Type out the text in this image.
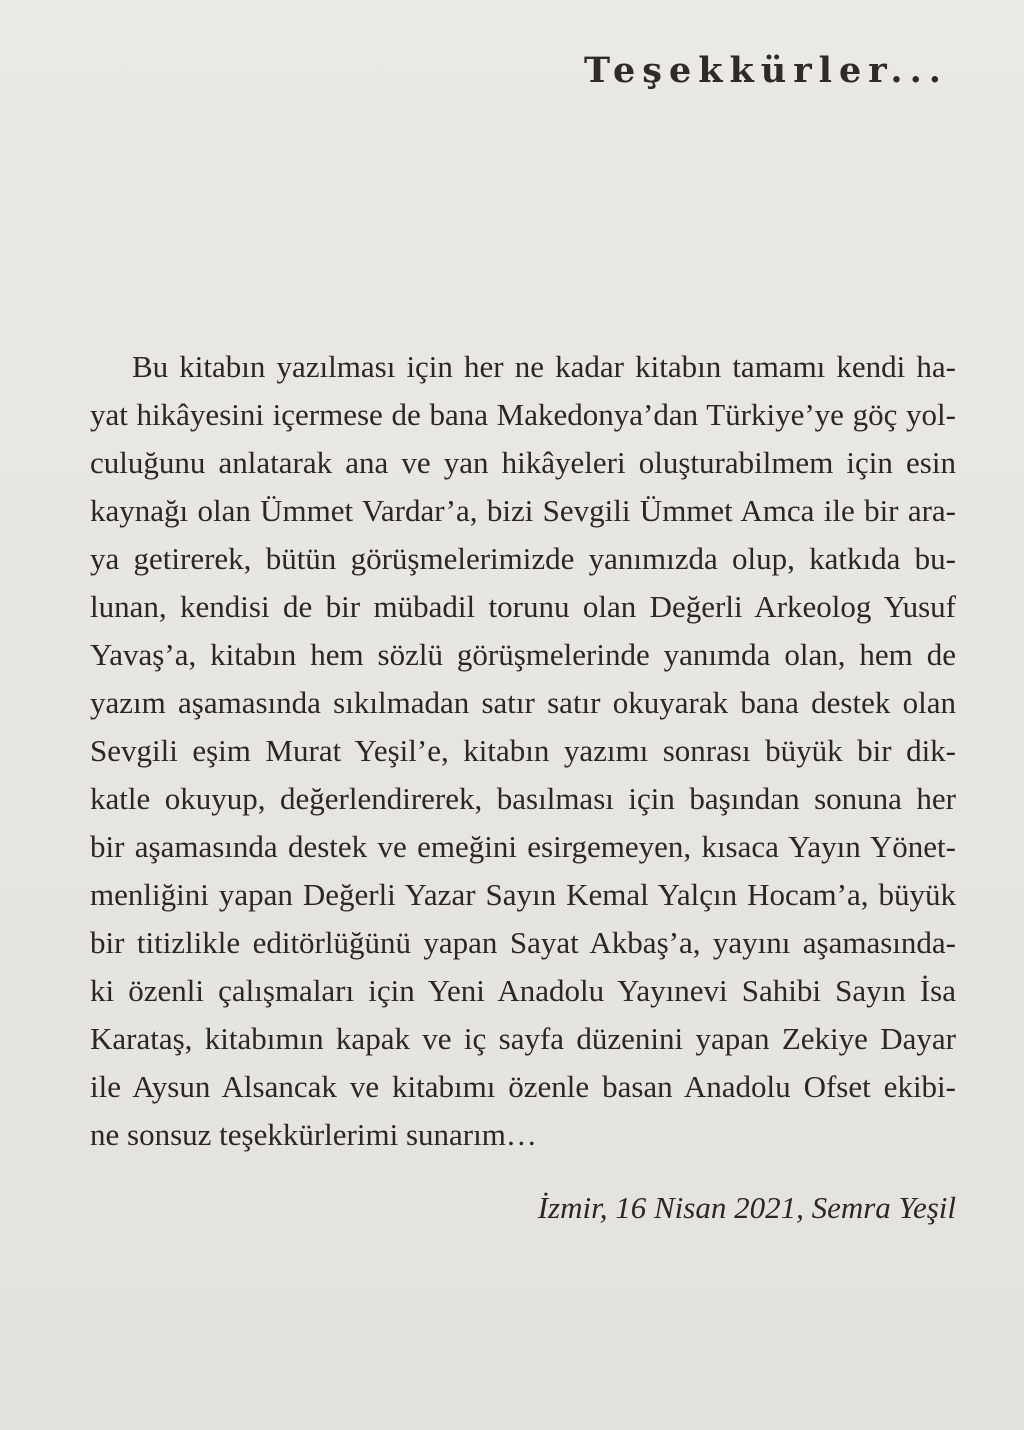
Teşekkürler...
Bu kitabın yazılması için her ne kadar kitabın tamamı kendi ha-
yat hikâyesini içermese de bana Makedonya’dan Türkiye’ye göç yol-
culuğunu anlatarak ana ve yan hikâyeleri oluşturabilmem için esin
kaynağı olan Ümmet Vardar’a, bizi Sevgili Ümmet Amca ile bir ara-
ya getirerek, bütün görüşmelerimizde yanımızda olup, katkıda bu-
lunan, kendisi de bir mübadil torunu olan Değerli Arkeolog Yusuf
Yavaş’a, kitabın hem sözlü görüşmelerinde yanımda olan, hem de
yazım aşamasında sıkılmadan satır satır okuyarak bana destek olan
Sevgili eşim Murat Yeşil’e, kitabın yazımı sonrası büyük bir dik-
katle okuyup, değerlendirerek, basılması için başından sonuna her
bir aşamasında destek ve emeğini esirgemeyen, kısaca Yayın Yönet-
menliğini yapan Değerli Yazar Sayın Kemal Yalçın Hocam’a, büyük
bir titizlikle editörlüğünü yapan Sayat Akbaş’a, yayını aşamasında-
ki özenli çalışmaları için Yeni Anadolu Yayınevi Sahibi Sayın İsa
Karataş, kitabımın kapak ve iç sayfa düzenini yapan Zekiye Dayar
ile Aysun Alsancak ve kitabımı özenle basan Anadolu Ofset ekibi-
ne sonsuz teşekkürlerimi sunarım…
İzmir, 16 Nisan 2021, Semra Yeşil
